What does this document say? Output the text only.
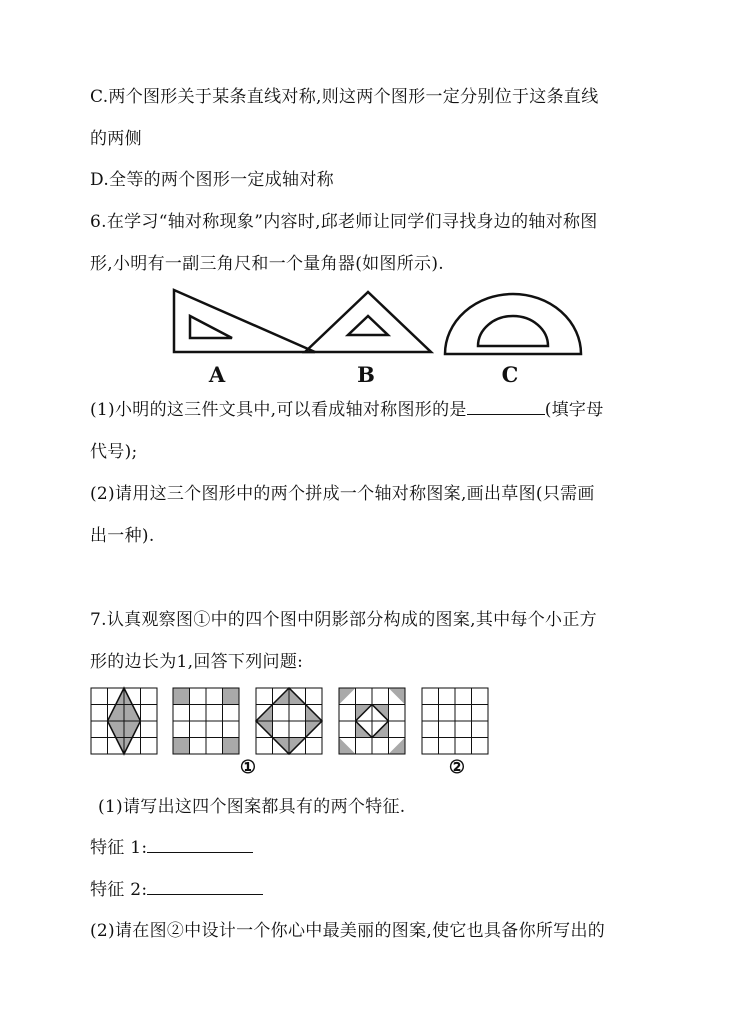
C.两个图形关于某条直线对称,则这两个图形一定分别位于这条直线
的两侧
D.全等的两个图形一定成轴对称
6.在学习“轴对称现象”内容时,邱老师让同学们寻找身边的轴对称图
形,小明有一副三角尺和一个量角器(如图所示).
A	B	C
(1)小明的这三件文具中,可以看成轴对称图形的是	(填字母
代号);
(2)请用这三个图形中的两个拼成一个轴对称图案,画出草图(只需画
出一种).
7.认真观察图①中的四个图中阴影部分构成的图案,其中每个小正方
形的边长为1,回答下列问题:
①	②
(1)请写出这四个图案都具有的两个特征.
特征 1:
特征 2:
(2)请在图②中设计一个你心中最美丽的图案,使它也具备你所写出的
